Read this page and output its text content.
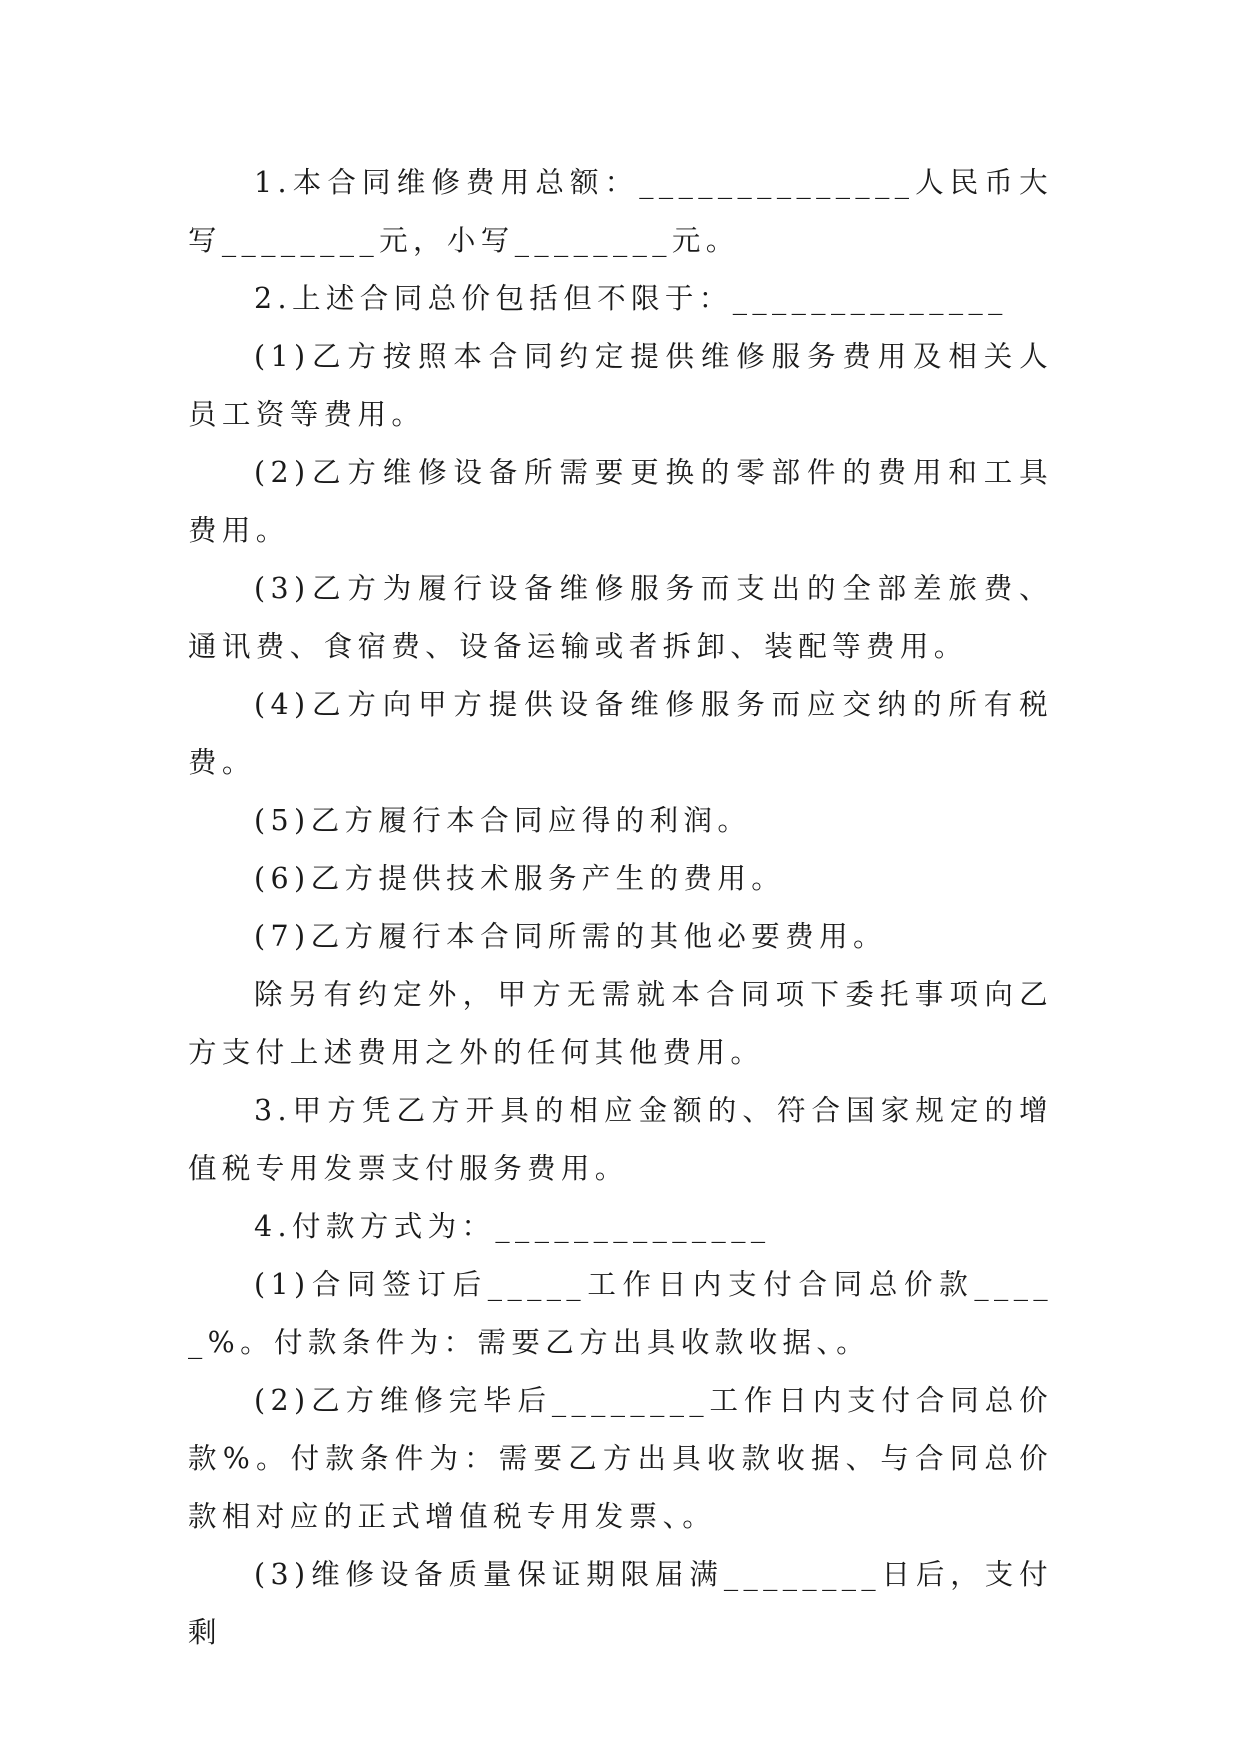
1.本合同维修费用总额：______________人民币大写________元，小写________元。

2.上述合同总价包括但不限于：______________

(1)乙方按照本合同约定提供维修服务费用及相关人员工资等费用。

(2)乙方维修设备所需要更换的零部件的费用和工具费用。

(3)乙方为履行设备维修服务而支出的全部差旅费、通讯费、食宿费、设备运输或者拆卸、装配等费用。

(4)乙方向甲方提供设备维修服务而应交纳的所有税费。

(5)乙方履行本合同应得的利润。

(6)乙方提供技术服务产生的费用。

(7)乙方履行本合同所需的其他必要费用。

除另有约定外，甲方无需就本合同项下委托事项向乙方支付上述费用之外的任何其他费用。

3.甲方凭乙方开具的相应金额的、符合国家规定的增值税专用发票支付服务费用。

4.付款方式为：______________

(1)合同签订后_____工作日内支付合同总价款_____%。付款条件为：需要乙方出具收款收据、。

(2)乙方维修完毕后________工作日内支付合同总价款%。付款条件为：需要乙方出具收款收据、与合同总价款相对应的正式增值税专用发票、。

(3)维修设备质量保证期限届满________日后，支付剩
